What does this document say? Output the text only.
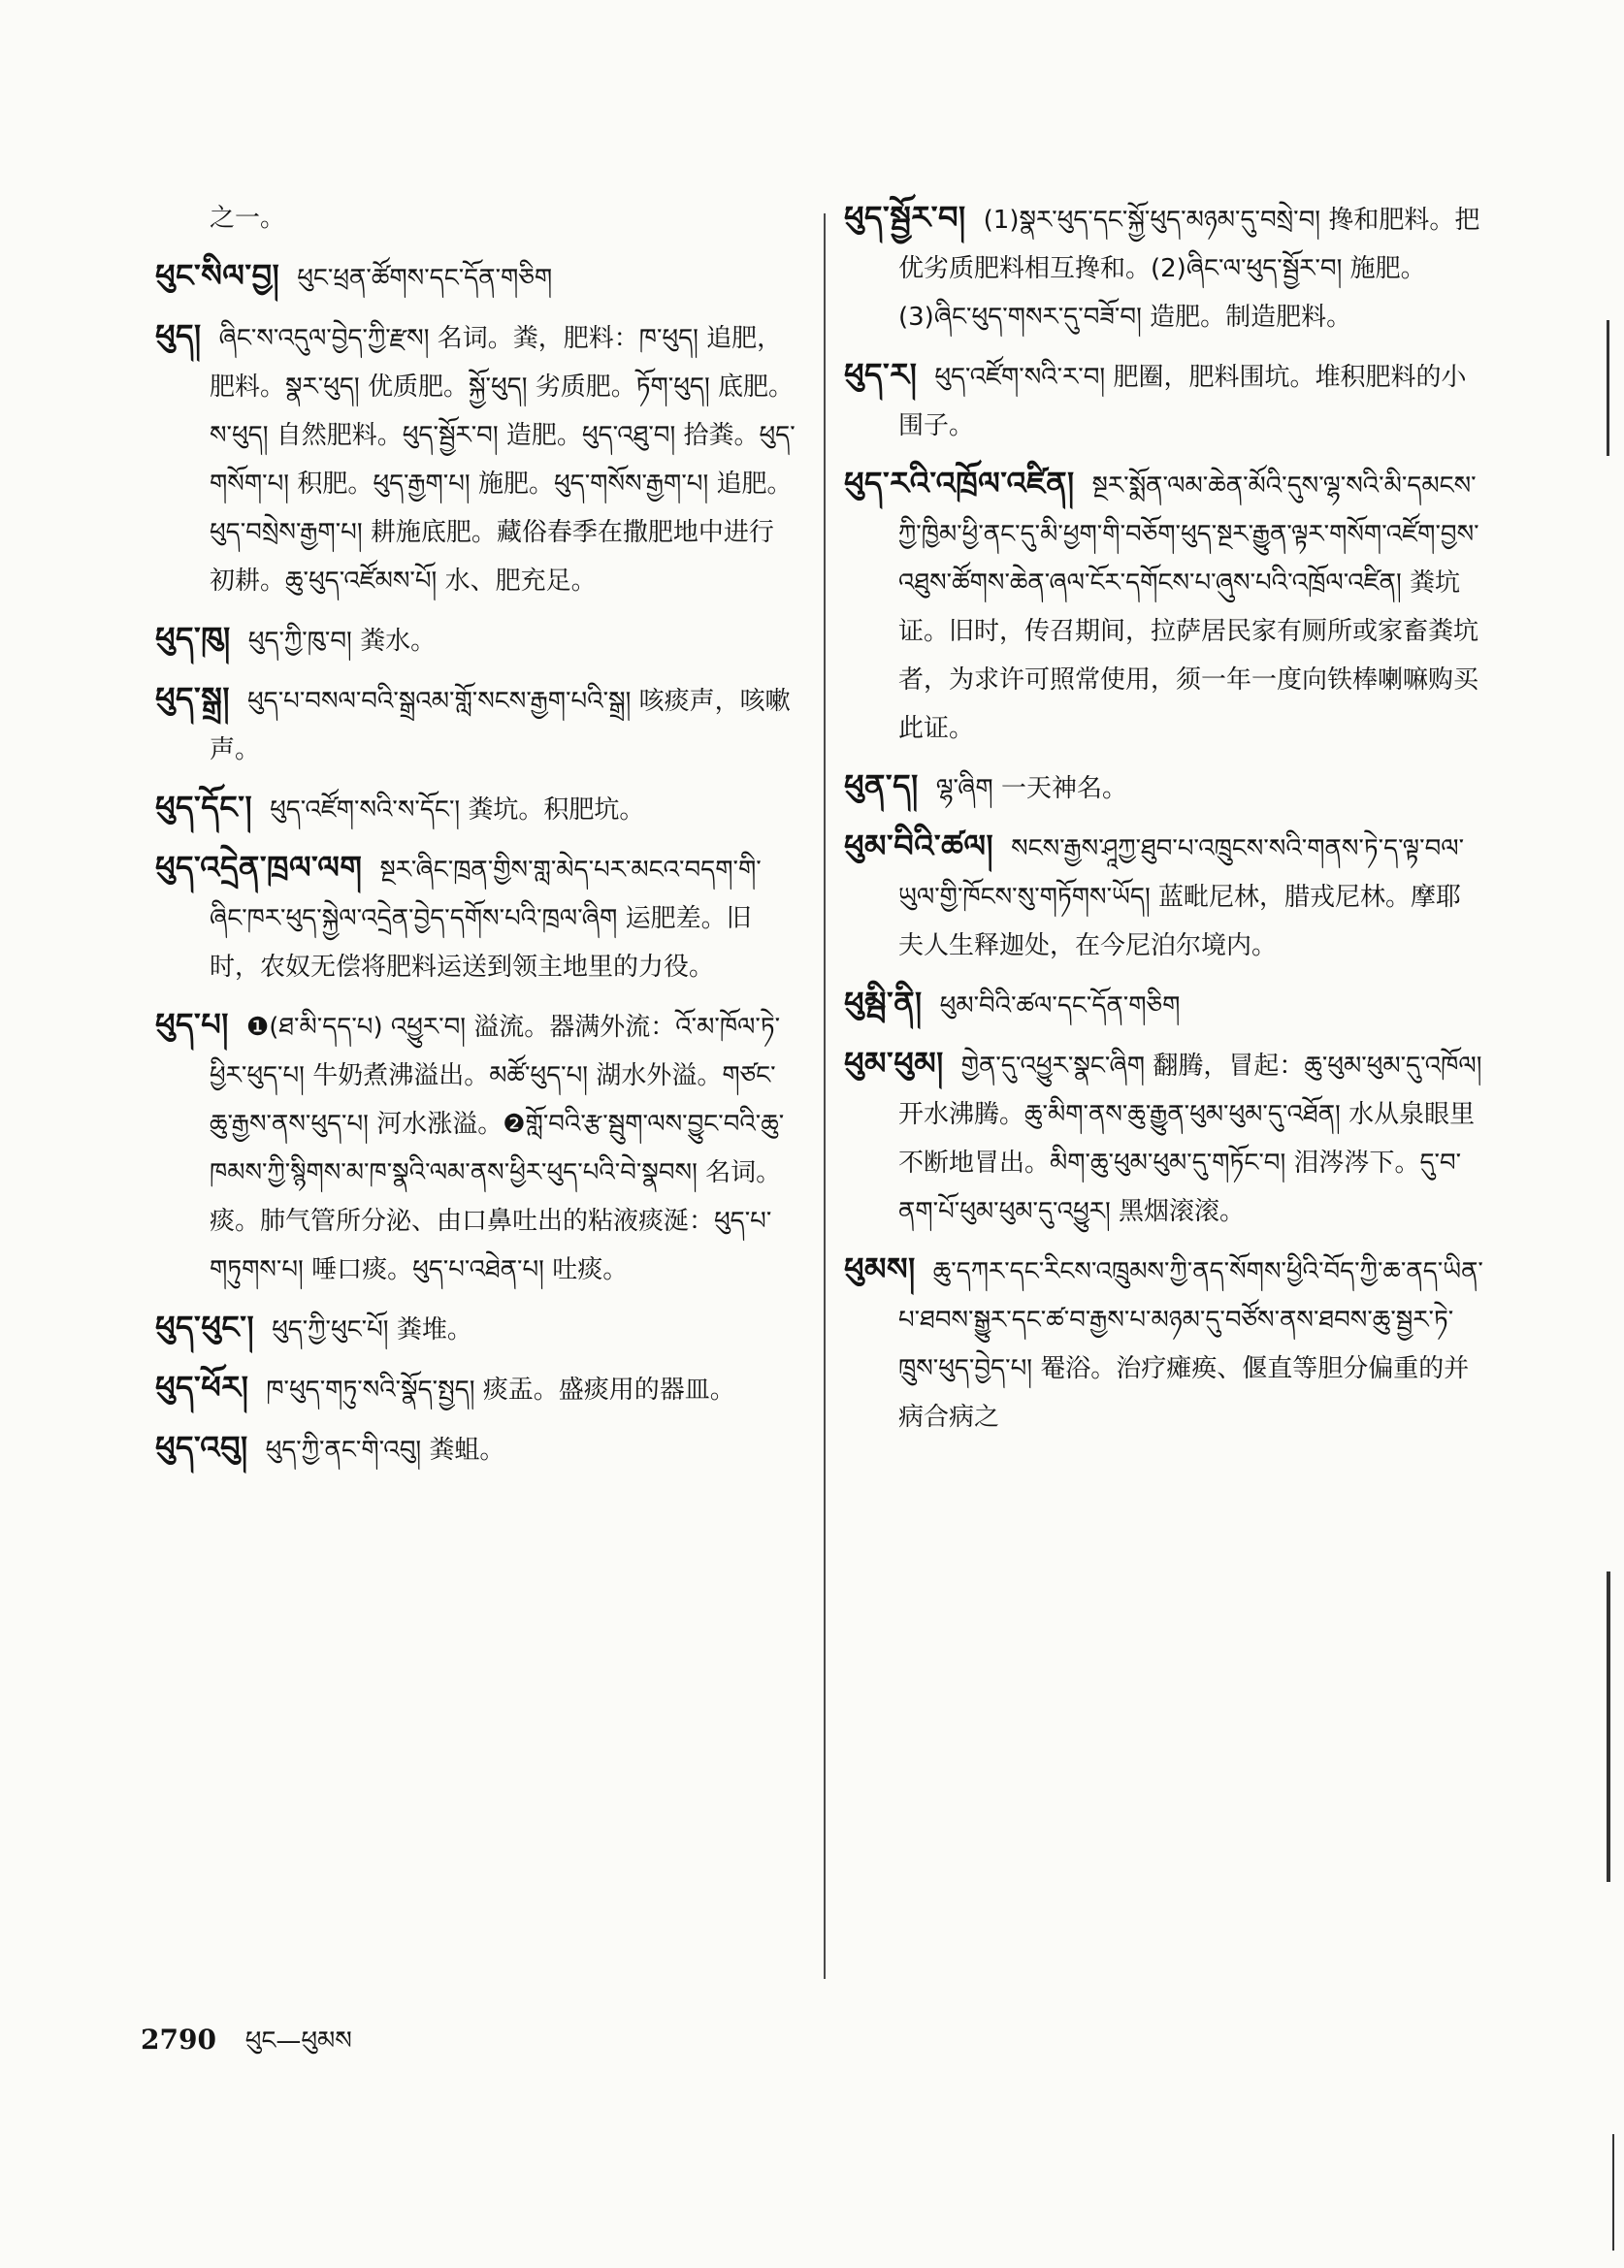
之一。

ཕུང་སིལ་བྱ། ཕུང་ཕྲན་ཚོགས་དང་དོན་གཅིག

ཕུད། ཞིང་ས་འདུལ་བྱེད་ཀྱི་རྫས། 名词。粪，肥料：ཁ་ཕུད། 追肥，肥料。སྣར་ཕུད། 优质肥。སྐྱོ་ཕུད། 劣质肥。ཏོག་ཕུད། 底肥。 ས་ཕུད། 自然肥料。ཕུད་སྦྱོར་བ། 造肥。ཕུད་འཐུ་བ། 拾粪。ཕུད་གསོག་པ། 积肥。ཕུད་རྒྱག་པ། 施肥。ཕུད་གསོས་རྒྱག་པ། 追肥。 ཕུད་བསྲེས་རྒྱག་པ། 耕施底肥。藏俗春季在撒肥地中进行初耕。ཆུ་ཕུད་འཛོམས་པོ། 水、肥充足。

ཕུད་ཁུ། ཕུད་ཀྱི་ཁུ་བ། 粪水。

ཕུད་སྒྲ། ཕུད་པ་བསལ་བའི་སྒྲའམ་གློ་སངས་རྒྱག་པའི་སྒྲ། 咳痰声，咳嗽声。

ཕུད་དོང་། ཕུད་འཛོག་སའི་ས་དོང་། 粪坑。积肥坑。

ཕུད་འདྲེན་ཁྲལ་ལག སྔར་ཞིང་ཁྲན་གྱིས་གླ་མེད་པར་མངའ་བདག་གི་ཞིང་ཁར་ཕུད་སྐྱེལ་འདྲེན་བྱེད་དགོས་པའི་ཁྲལ་ཞིག 运肥差。旧时，农奴无偿将肥料运送到领主地里的力役。

ཕུད་པ། ❶(ཐ་མི་དད་པ) འཕྱུར་བ། 溢流。器满外流：འོ་མ་ཁོལ་ཏེ་ཕྱིར་ཕུད་པ། 牛奶煮沸溢出。མཚོ་ཕུད་པ། 湖水外溢。གཙང་ཆུ་རྒྱས་ནས་ཕུད་པ། 河水涨溢。❷གློ་བའི་རྩ་སྦུག་ལས་བྱུང་བའི་ཆུ་ཁམས་ཀྱི་སྙིགས་མ་ཁ་སྣའི་ལམ་ནས་ཕྱིར་ཕུད་པའི་བེ་སྣབས། 名词。痰。肺气管所分泌、由口鼻吐出的粘液痰涎：ཕུད་པ་གཏུགས་པ། 唾口痰。ཕུད་པ་འཐེན་པ། 吐痰。

ཕུད་ཕུང་། ཕུད་ཀྱི་ཕུང་པོ། 粪堆。

ཕུད་ཕོར། ཁ་ཕུད་གཏུ་སའི་སྣོད་སྤྱད། 痰盂。盛痰用的器皿。

ཕུད་འབུ། ཕུད་ཀྱི་ནང་གི་འབུ། 粪蛆。

ཕུད་སྦྱོར་བ། (1)སྣར་ཕུད་དང་སྐྱོ་ཕུད་མཉམ་དུ་བསྲེ་བ། 搀和肥料。把优劣质肥料相互搀和。(2)ཞིང་ལ་ཕུད་སྦྱོར་བ། 施肥。(3)ཞིང་ཕུད་གསར་དུ་བཟོ་བ། 造肥。制造肥料。

ཕུད་ར། ཕུད་འཛོག་སའི་ར་བ། 肥圈，肥料围坑。堆积肥料的小围子。

ཕུད་རའི་འཁྲོལ་འཛིན། སྔར་སྨོན་ལམ་ཆེན་མོའི་དུས་ལྷ་སའི་མི་དམངས་ཀྱི་ཁྱིམ་ཕྱི་ནང་དུ་མི་ཕྱག་གི་བཅོག་ཕུད་སྔར་རྒྱུན་ལྟར་གསོག་འཛོག་བྱས་འཐུས་ཚོགས་ཆེན་ཞལ་ངོར་དགོངས་པ་ཞུས་པའི་འཁྲོལ་འཛིན། 粪坑证。旧时，传召期间，拉萨居民家有厕所或家畜粪坑者，为求许可照常使用，须一年一度向铁棒喇嘛购买此证。

ཕུན་ད། ལྷ་ཞིག 一天神名。

ཕུམ་བིའི་ཚལ། སངས་རྒྱས་ཤཱཀྱ་ཐུབ་པ་འཁྲུངས་སའི་གནས་ཏེ་ད་ལྟ་བལ་ཡུལ་གྱི་ཁོངས་སུ་གཏོགས་ཡོད། 蓝毗尼林，腊戎尼林。摩耶夫人生释迦处，在今尼泊尔境内。

ཕུམྦི་ནི། ཕུམ་བིའི་ཚལ་དང་དོན་གཅིག

ཕུམ་ཕུམ། གྱེན་དུ་འཕྱུར་སྣང་ཞིག 翻腾，冒起：ཆུ་ཕུམ་ཕུམ་དུ་འཁོལ། 开水沸腾。ཆུ་མིག་ནས་ཆུ་རྒྱུན་ཕུམ་ཕུམ་དུ་འཐོན། 水从泉眼里不断地冒出。མིག་ཆུ་ཕུམ་ཕུམ་དུ་གཏོང་བ། 泪涔涔下。དུ་བ་ནག་པོ་ཕུམ་ཕུམ་དུ་འཕྱུར། 黑烟滚滚。

ཕུམས། ཆུ་དཀར་དང་རིངས་འཁྲུམས་ཀྱི་ནད་སོགས་ཕྱིའི་བོད་ཀྱི་ཆ་ནད་ཡིན་པ་ཐབས་སྒྱུར་དང་ཚ་བ་རྒྱས་པ་མཉམ་དུ་བཙོས་ནས་ཐབས་ཆུ་སྦྱར་ཏེ་ཁྲུས་ཕུད་བྱེད་པ། 罨浴。治疗瘫痪、偃直等胆分偏重的并病合病之

2790 ཕུང—ཕུམས
